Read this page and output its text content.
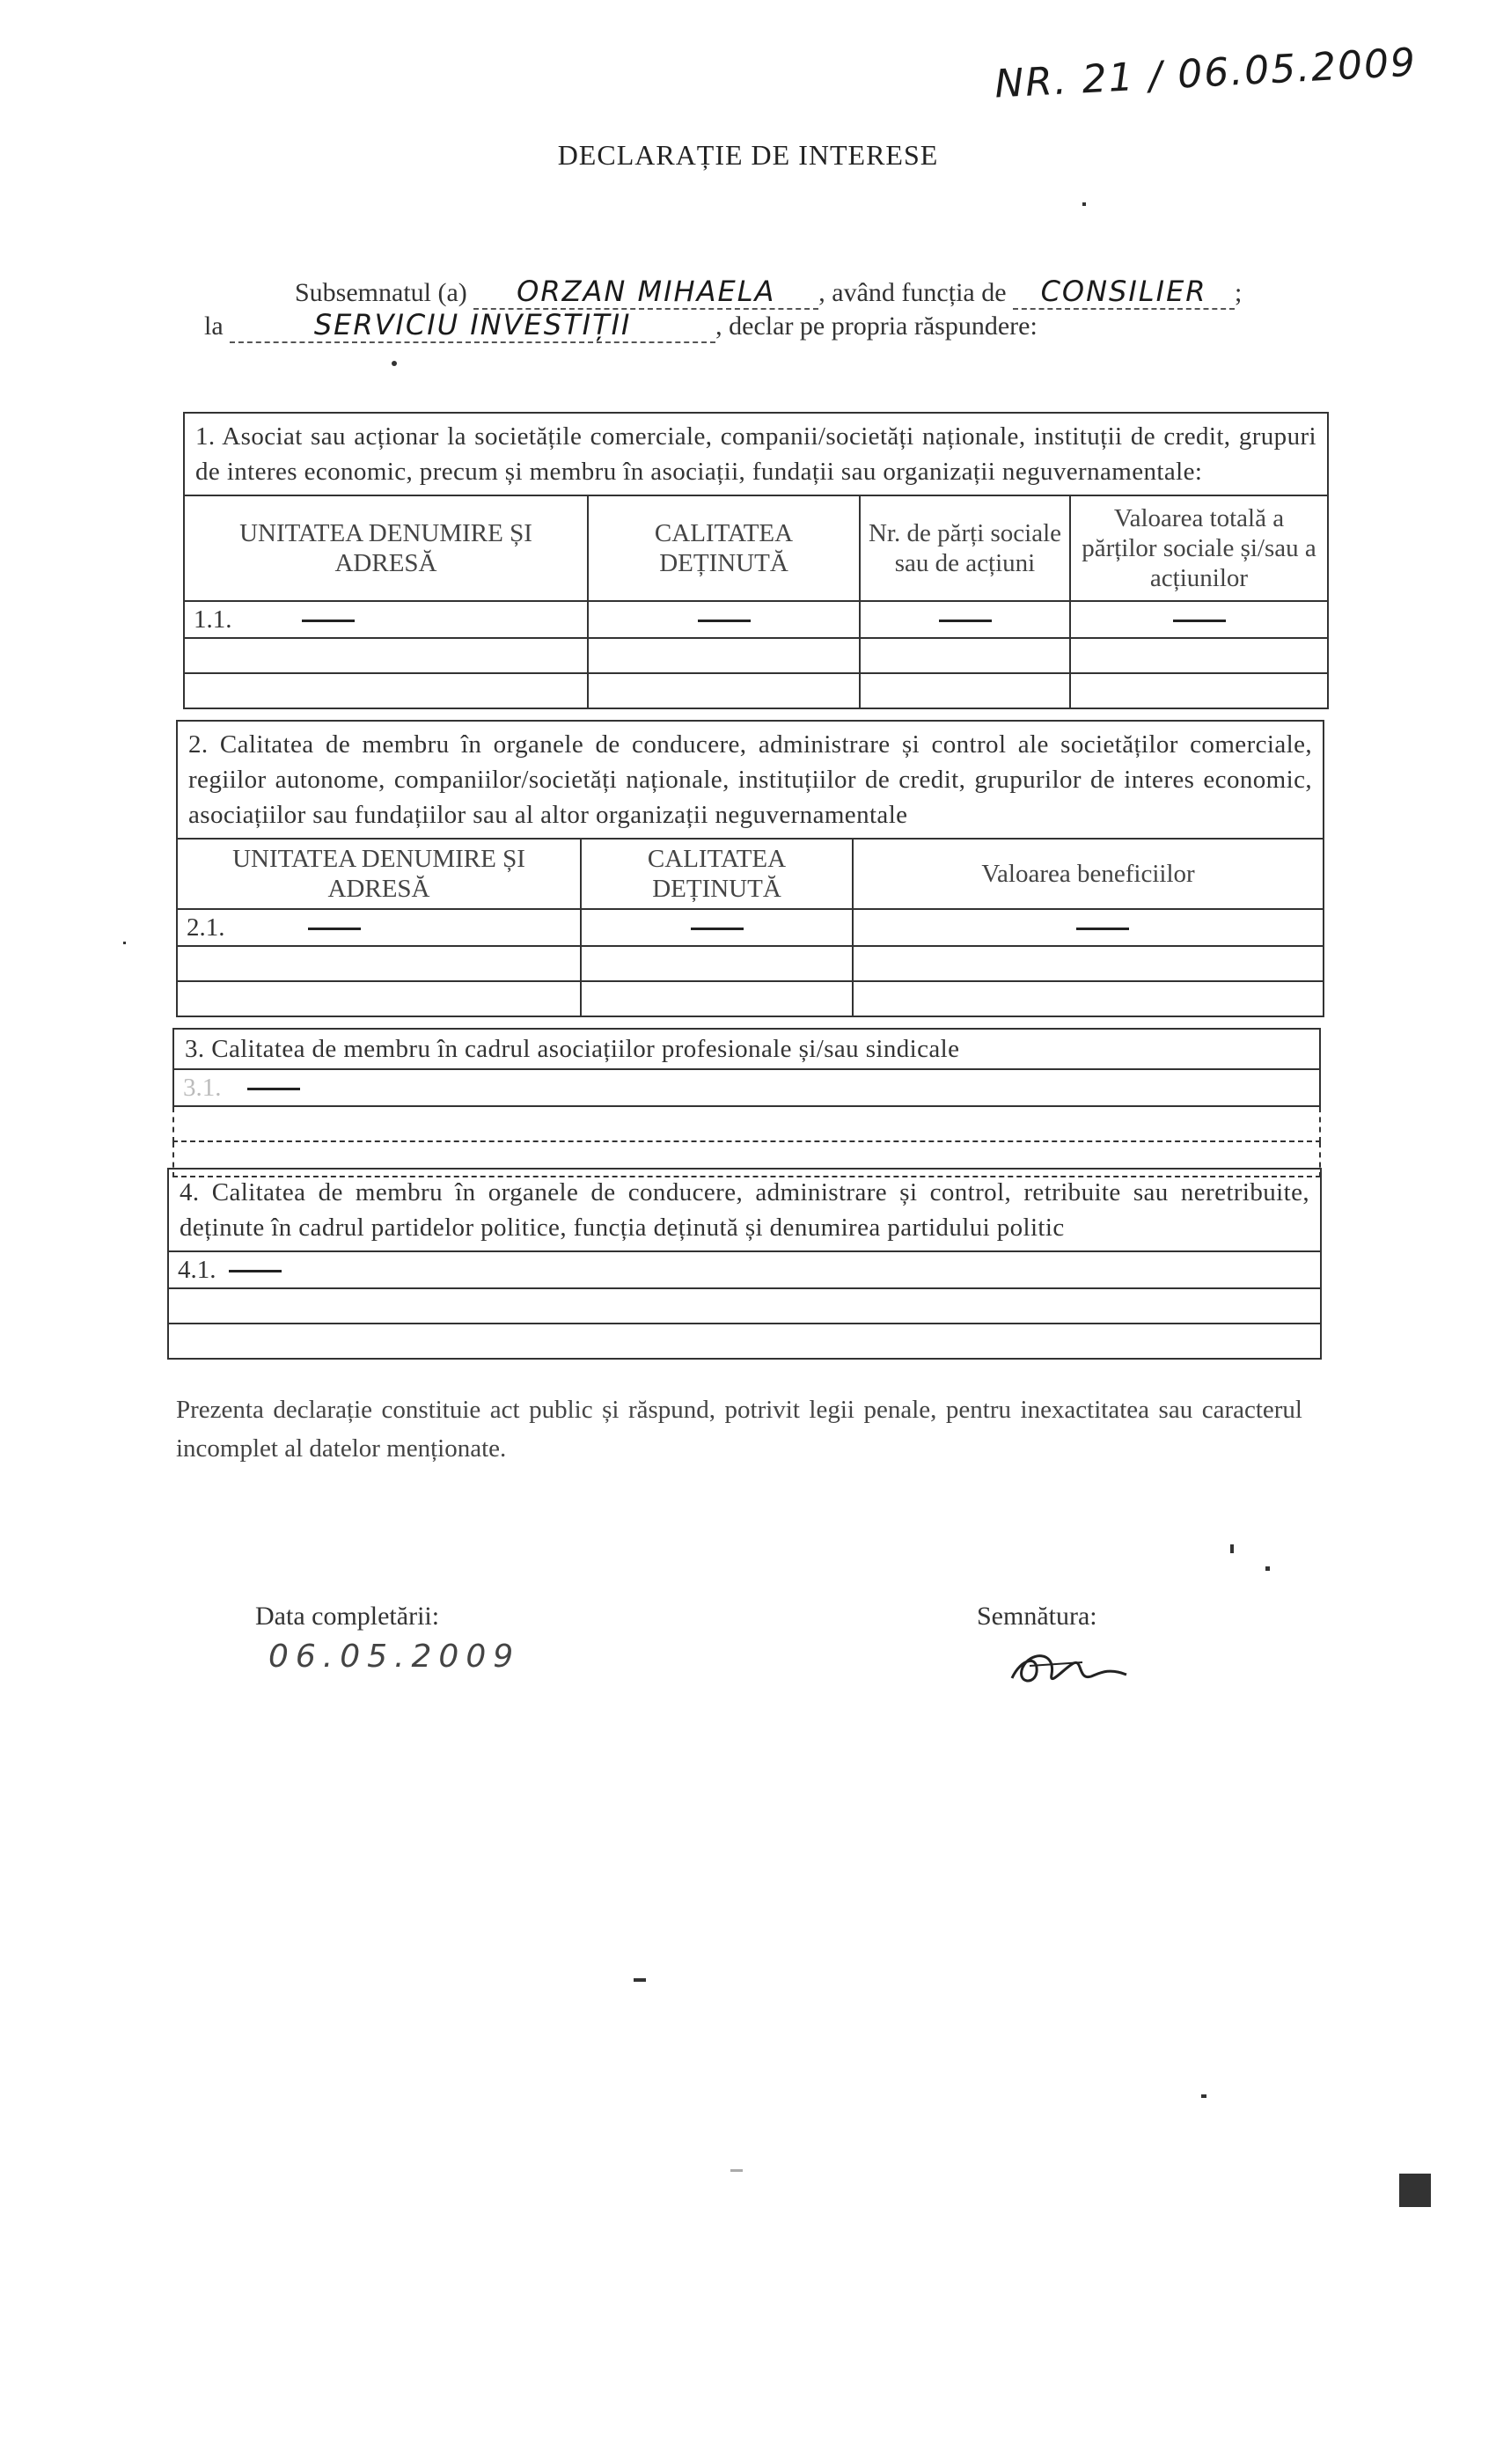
NR. 21 / 06.05.2009
DECLARAȚIE DE INTERESE
Subsemnatul (a) ORZAN MIHAELA , având funcția de CONSILIER ;
la	SERVICIU INVESTIȚII	, declar pe propria răspundere:
1. Asociat sau acționar la societățile comerciale, companii/societăți naționale, instituții de credit, grupuri de interes economic, precum și membru în asociații, fundații sau organizații neguvernamentale:			
UNITATEA DENUMIRE ȘI ADRESĂ	CALITATEA DEȚINUTĂ	Nr. de părți sociale sau de acțiuni	Valoarea totală a părților sociale și/sau a acțiunilor
1.1.			

2. Calitatea de membru în organele de conducere, administrare și control ale societăților comerciale, regiilor autonome, companiilor/societăți naționale, instituțiilor de credit, grupurilor de interes economic, asociațiilor sau fundațiilor sau al altor organizații neguvernamentale		
UNITATEA DENUMIRE ȘI ADRESĂ	CALITATEA DEȚINUTĂ	Valoarea beneficiilor
2.1.		

3. Calitatea de membru în cadrul asociațiilor profesionale și/sau sindicale
3.1.

4. Calitatea de membru în organele de conducere, administrare și control, retribuite sau neretribuite, deținute în cadrul partidelor politice, funcția deținută și denumirea partidului politic
4.1.

Prezenta declarație constituie act public și răspund, potrivit legii penale, pentru inexactitatea sau caracterul incomplet al datelor menționate.
Data completării:
06.05.2009
Semnătura:
